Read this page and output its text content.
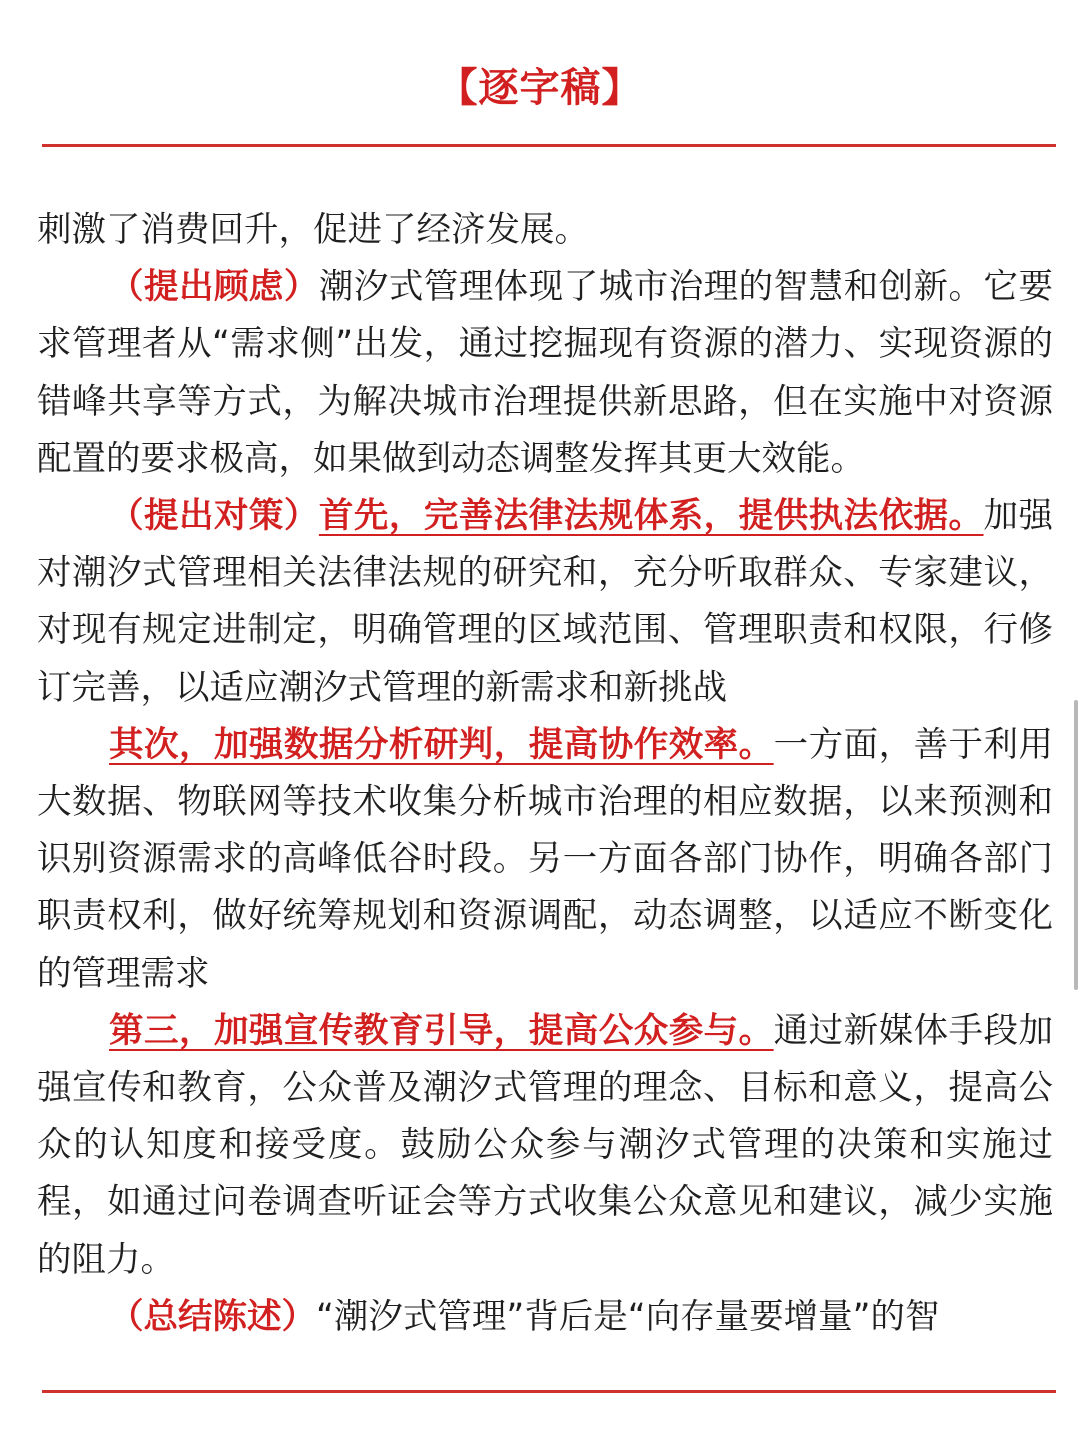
【逐字稿】

刺激了消费回升，促进了经济发展。

（提出顾虑）潮汐式管理体现了城市治理的智慧和创新。它要求管理者从“需求侧”出发，通过挖掘现有资源的潜力、实现资源的错峰共享等方式，为解决城市治理提供新思路，但在实施中对资源配置的要求极高，如果做到动态调整发挥其更大效能。

（提出对策）首先，完善法律法规体系，提供执法依据。加强对潮汐式管理相关法律法规的研究和，充分听取群众、专家建议，对现有规定进制定，明确管理的区域范围、管理职责和权限，行修订完善，以适应潮汐式管理的新需求和新挑战

其次，加强数据分析研判，提高协作效率。一方面，善于利用大数据、物联网等技术收集分析城市治理的相应数据，以来预测和识别资源需求的高峰低谷时段。另一方面各部门协作，明确各部门职责权利，做好统筹规划和资源调配，动态调整，以适应不断变化的管理需求

第三，加强宣传教育引导，提高公众参与。通过新媒体手段加强宣传和教育，公众普及潮汐式管理的理念、目标和意义，提高公众的认知度和接受度。鼓励公众参与潮汐式管理的决策和实施过程，如通过问卷调查听证会等方式收集公众意见和建议，减少实施的阻力。

（总结陈述）“潮汐式管理”背后是“向存量要增量”的智
